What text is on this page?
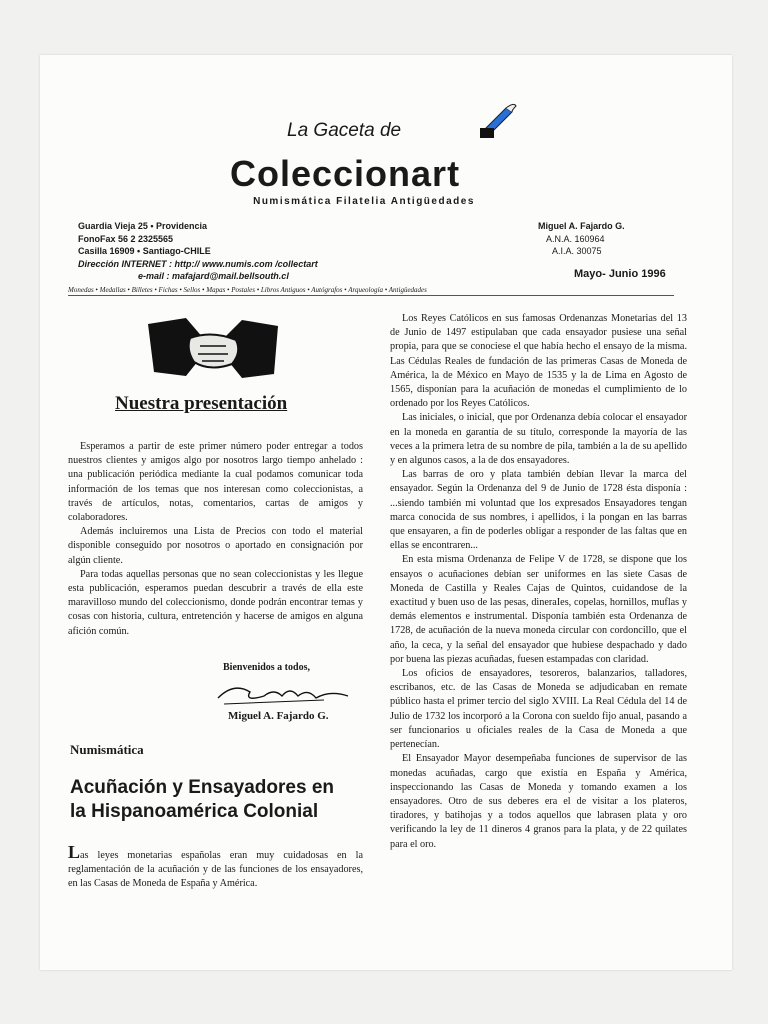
La Gaceta de
Coleccionart
Numismática Filatelia Antigüedades
Guardia Vieja 25 • Providencia
FonoFax 56 2 2325565
Casilla 16909 • Santiago-CHILE
Dirección INTERNET : http:// www.numis.com /collectart
e-mail : mafajard@mail.bellsouth.cl
Miguel A. Fajardo G.
A.N.A. 160964
A.I.A. 30075
Mayo- Junio 1996
Monedas • Medallas • Billetes • Fichas • Sellos • Mapas • Postales • Libros Antiguos • Autógrafos • Arqueología • Antigüedades
Nuestra presentación

Esperamos a partir de este primer número poder entregar a todos nuestros clientes y amigos algo por nosotros largo tiempo anhelado : una publicación periódica mediante la cual podamos comunicar toda información de los temas que nos interesan como coleccionistas, a través de artículos, notas, comentarios, cartas de amigos y colaboradores.

Además incluiremos una Lista de Precios con todo el material disponible conseguido por nosotros o aportado en consignación por algún cliente.

Para todas aquellas personas que no sean coleccionistas y les llegue esta publicación, esperamos puedan descubrir a través de ella este maravilloso mundo del coleccionismo, donde podrán encontrar temas y cosas con historia, cultura, entretención y hacerse de amigos en alguna afición común.

Bienvenidos a todos,
Miguel A. Fajardo G.
Numismática
Acuñación y Ensayadores en
la Hispanoamérica Colonial
Las leyes monetarias españolas eran muy cuidadosas en la reglamentación de la acuñación y de las funciones de los ensayadores, en las Casas de Moneda de España y América.

Los Reyes Católicos en sus famosas Ordenanzas Monetarias del 13 de Junio de 1497 estipulaban que cada ensayador pusiese una señal propia, para que se conociese el que había hecho el ensayo de la misma. Las Cédulas Reales de fundación de las primeras Casas de Moneda de América, la de México en Mayo de 1535 y la de Lima en Agosto de 1565, disponían para la acuñación de monedas el cumplimiento de lo ordenado por los Reyes Católicos.

Las iniciales, o inicial, que por Ordenanza debía colocar el ensayador en la moneda en garantía de su título, corresponde la mayoría de las veces a la primera letra de su nombre de pila, también a la de su apellido y en algunos casos, a la de dos ensayadores.

Las barras de oro y plata también debían llevar la marca del ensayador. Según la Ordenanza del 9 de Junio de 1728 ésta disponía : ...siendo también mi voluntad que los expresados Ensayadores tengan marca conocida de sus nombres, i apellidos, i la pongan en las barras que ensayaren, a fin de poderles obligar a responder de las faltas que en ellas se encontraren...

En esta misma Ordenanza de Felipe V de 1728, se dispone que los ensayos o acuñaciones debían ser uniformes en las siete Casas de Moneda de Castilla y Reales Cajas de Quintos, cuidandose de la exactitud y buen uso de las pesas, dineraIes, copelas, hornillos, muflas y demás elementos e instrumental. Disponía también esta Ordenanza de 1728, de acuñación de la nueva moneda circular con cordoncillo, que el año, la ceca, y la señal del ensayador que hubiese despachado y dado por buena las piezas acuñadas, fuesen estampadas con claridad.

Los oficios de ensayadores, tesoreros, balanzarios, talladores, escribanos, etc. de las Casas de Moneda se adjudicaban en remate público hasta el primer tercio del siglo XVIII. La Real Cédula del 14 de Julio de 1732 los incorporó a la Corona con sueldo fijo anual, pasando a ser funcionarios u oficiales reales de la Casa de Moneda a que pertenecían.

El Ensayador Mayor desempeñaba funciones de supervisor de las monedas acuñadas, cargo que existía en España y América, inspeccionando las Casas de Moneda y tomando examen a los ensayadores. Otro de sus deberes era el de visitar a los plateros, tiradores, y batihojas y a todos aquellos que labrasen plata y oro verificando la ley de 11 dineros 4 granos para la plata, y de 22 quilates para el oro.
